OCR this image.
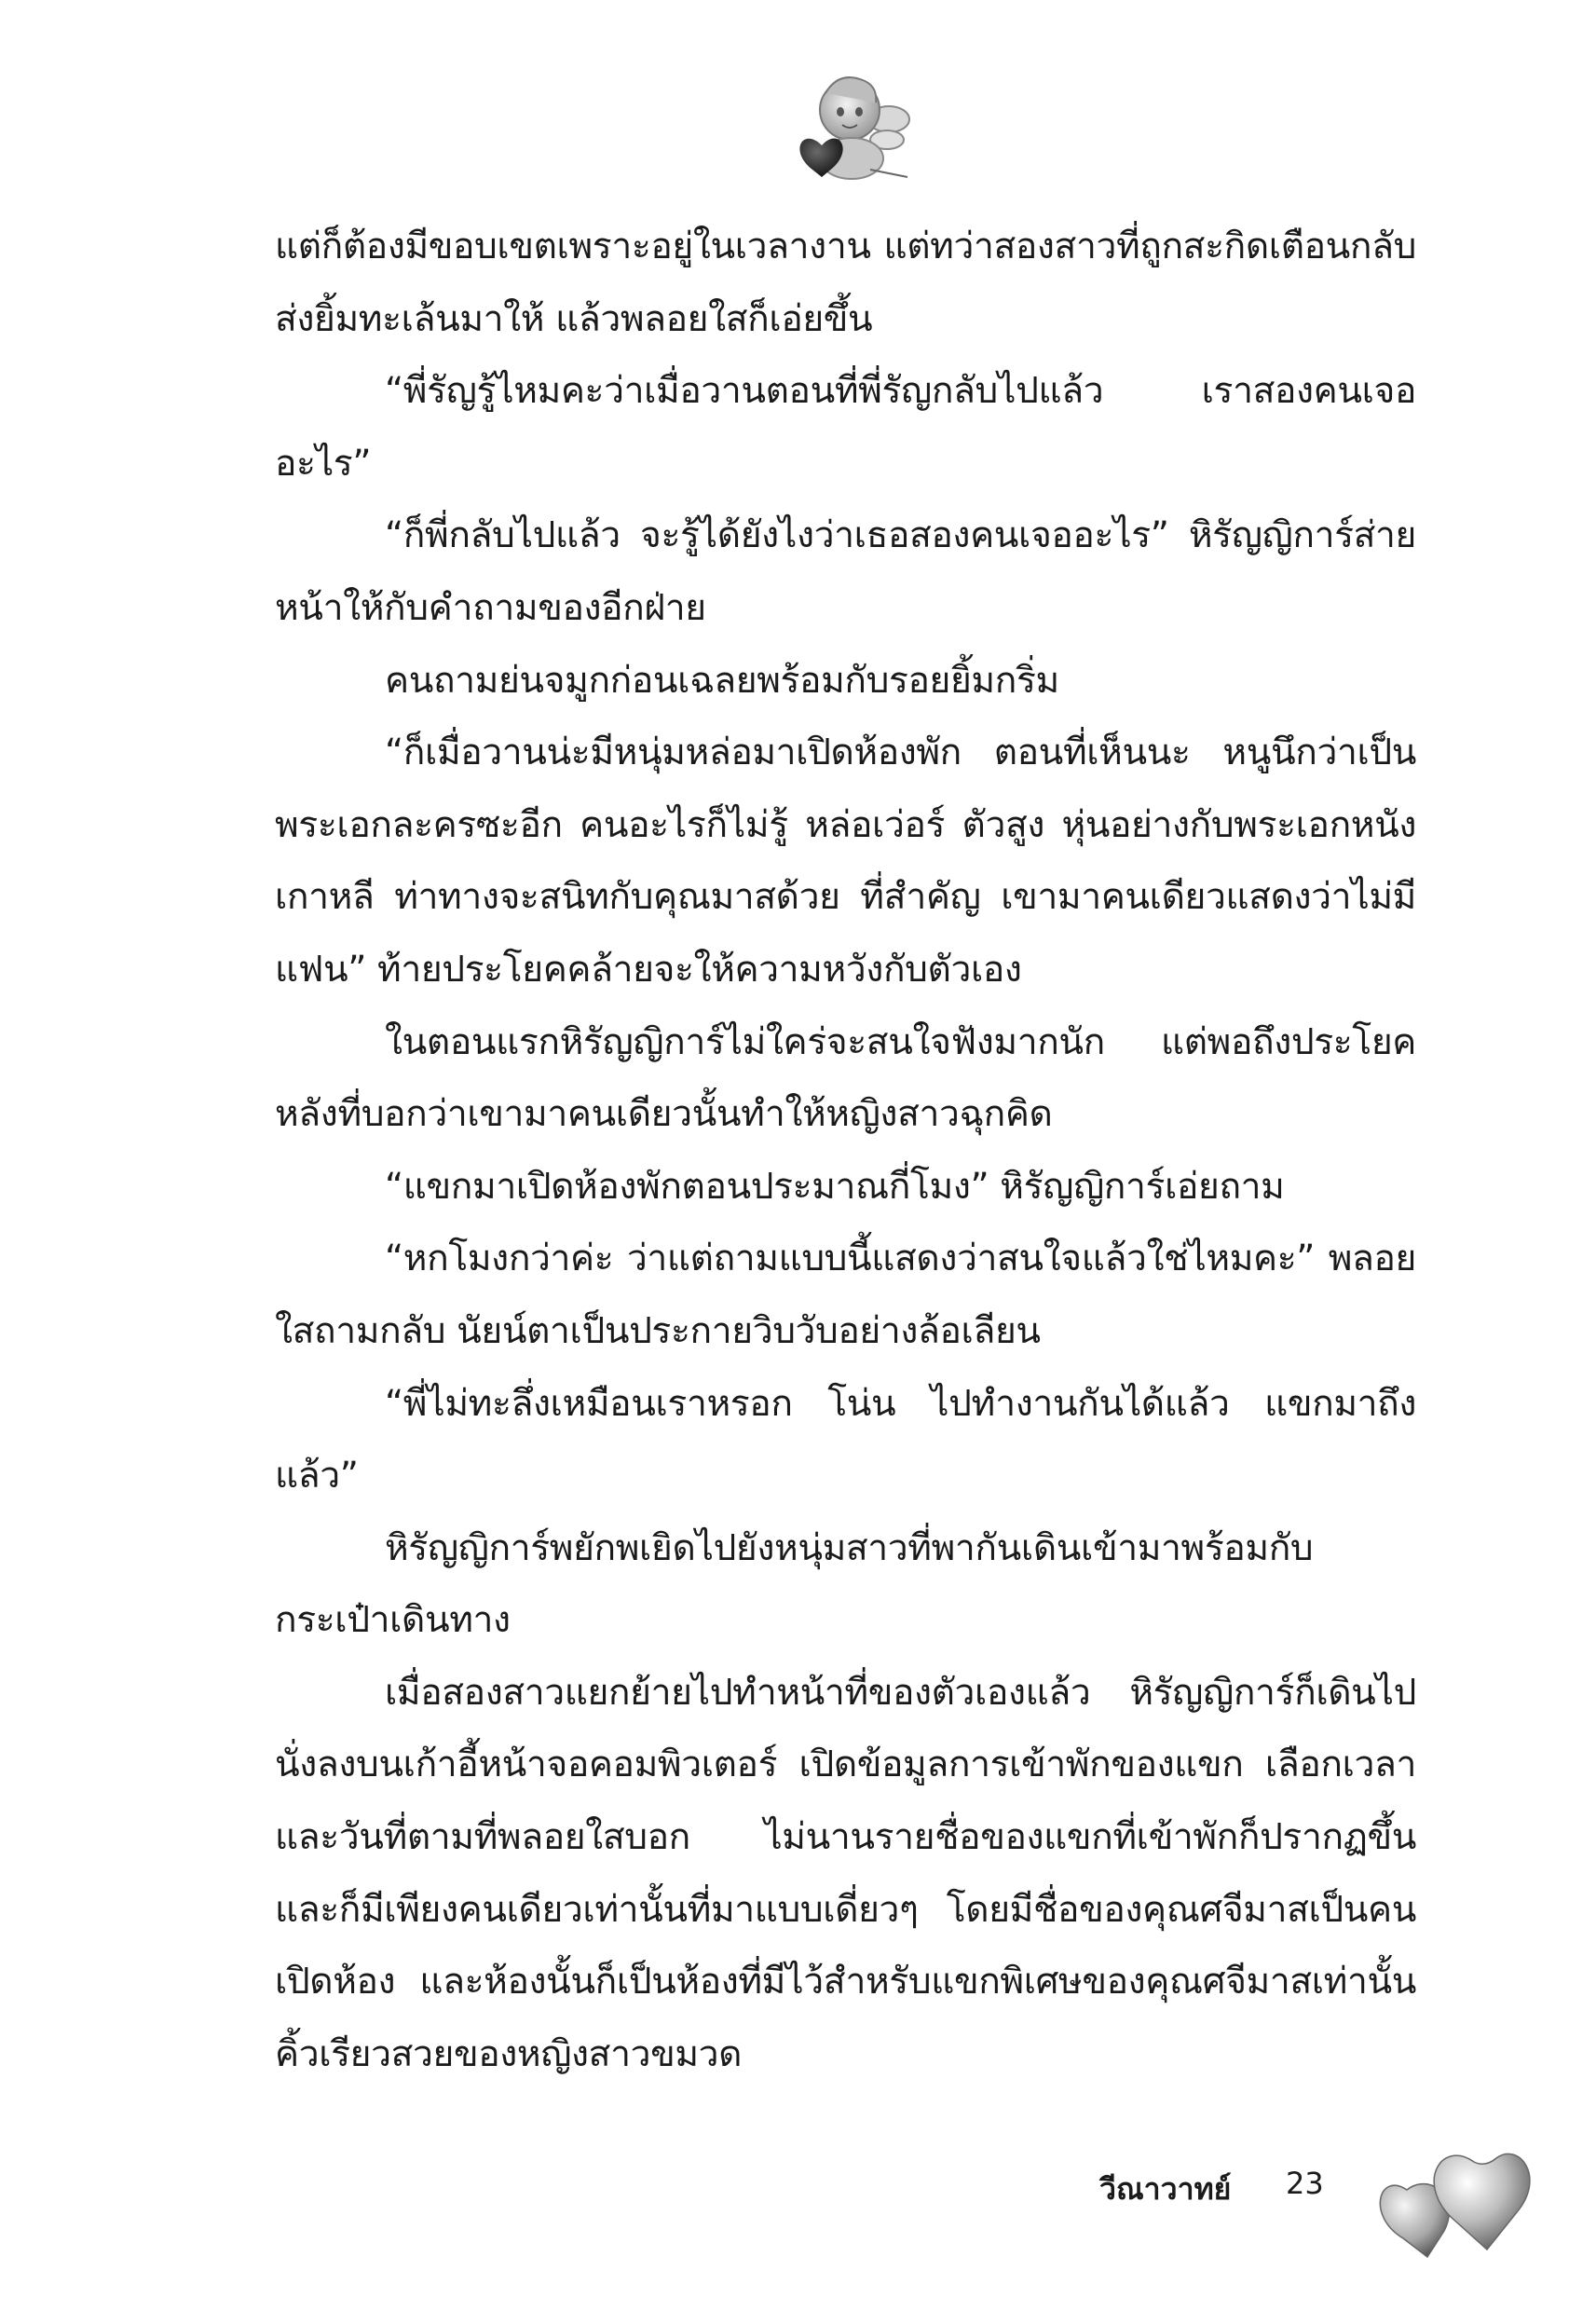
แต่ก็ต้องมีขอบเขตเพราะอยู่ในเวลางาน แต่ทว่าสองสาวที่ถูกสะกิดเตือนกลับส่งยิ้มทะเล้นมาให้ แล้วพลอยใสก็เอ่ยขึ้น

“พี่รัญรู้ไหมคะว่าเมื่อวานตอนที่พี่รัญกลับไปแล้ว เราสองคนเจออะไร”

“ก็พี่กลับไปแล้ว จะรู้ได้ยังไงว่าเธอสองคนเจออะไร” หิรัญญิการ์ส่ายหน้าให้กับคำถามของอีกฝ่าย

คนถามย่นจมูกก่อนเฉลยพร้อมกับรอยยิ้มกริ่ม

“ก็เมื่อวานน่ะมีหนุ่มหล่อมาเปิดห้องพัก ตอนที่เห็นนะ หนูนึกว่าเป็นพระเอกละครซะอีก คนอะไรก็ไม่รู้ หล่อเว่อร์ ตัวสูง หุ่นอย่างกับพระเอกหนังเกาหลี ท่าทางจะสนิทกับคุณมาสด้วย ที่สำคัญ เขามาคนเดียวแสดงว่าไม่มีแฟน” ท้ายประโยคคล้ายจะให้ความหวังกับตัวเอง

ในตอนแรกหิรัญญิการ์ไม่ใคร่จะสนใจฟังมากนัก แต่พอถึงประโยคหลังที่บอกว่าเขามาคนเดียวนั้นทำให้หญิงสาวฉุกคิด

“แขกมาเปิดห้องพักตอนประมาณกี่โมง” หิรัญญิการ์เอ่ยถาม

“หกโมงกว่าค่ะ ว่าแต่ถามแบบนี้แสดงว่าสนใจแล้วใช่ไหมคะ” พลอยใสถามกลับ นัยน์ตาเป็นประกายวิบวับอย่างล้อเลียน

“พี่ไม่ทะลึ่งเหมือนเราหรอก โน่น ไปทำงานกันได้แล้ว แขกมาถึงแล้ว”

หิรัญญิการ์พยักพเยิดไปยังหนุ่มสาวที่พากันเดินเข้ามาพร้อมกับกระเป๋าเดินทาง

เมื่อสองสาวแยกย้ายไปทำหน้าที่ของตัวเองแล้ว หิรัญญิการ์ก็เดินไปนั่งลงบนเก้าอี้หน้าจอคอมพิวเตอร์ เปิดข้อมูลการเข้าพักของแขก เลือกเวลาและวันที่ตามที่พลอยใสบอก ไม่นานรายชื่อของแขกที่เข้าพักก็ปรากฏขึ้น และก็มีเพียงคนเดียวเท่านั้นที่มาแบบเดี่ยวๆ โดยมีชื่อของคุณศจีมาสเป็นคนเปิดห้อง และห้องนั้นก็เป็นห้องที่มีไว้สำหรับแขกพิเศษของคุณศจีมาสเท่านั้น คิ้วเรียวสวยของหญิงสาวขมวด

วีณาวาทย์ 23
